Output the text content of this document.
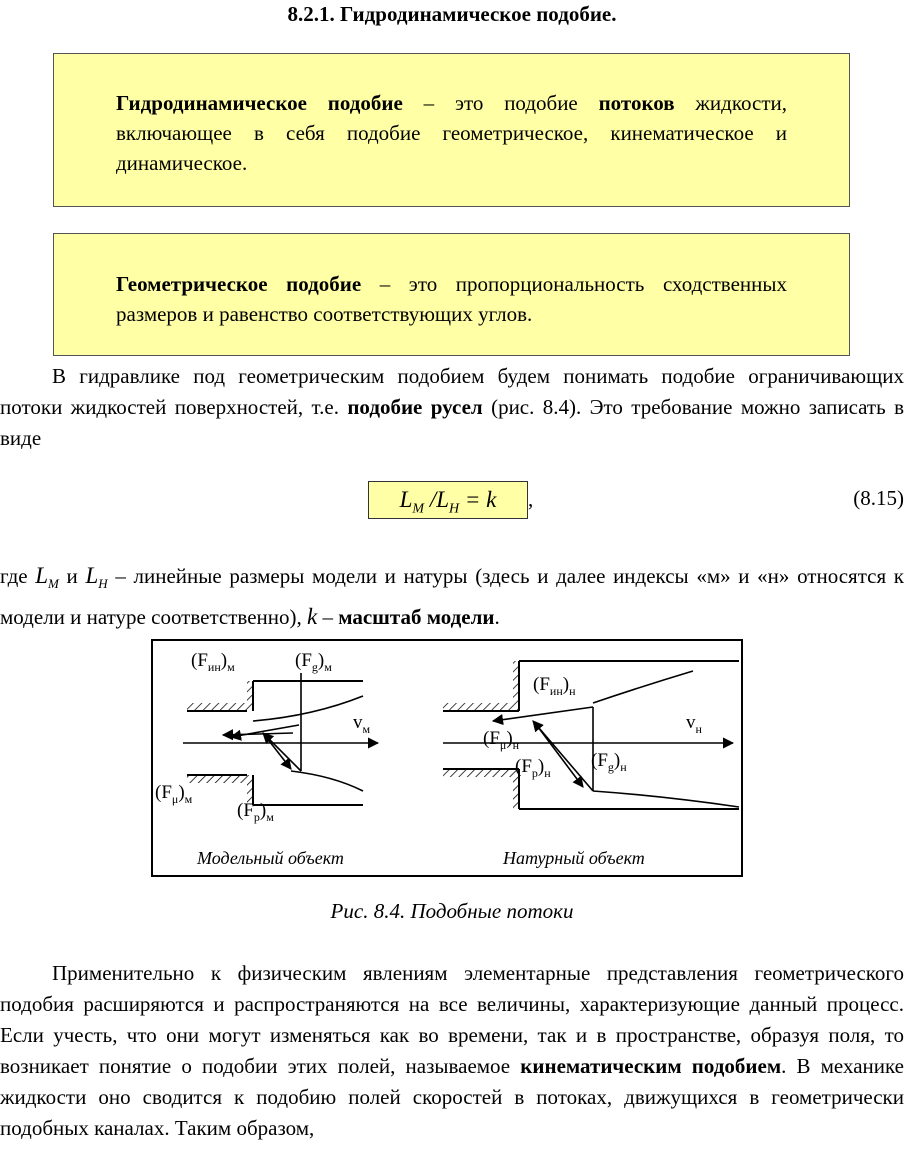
8.2.1. Гидродинамическое подобие.
Гидродинамическое подобие – это подобие потоков жидкости, включающее в себя подобие геометрическое, кинематическое и динамическое.
Геометрическое подобие – это пропорциональность сходственных размеров и равенство соответствующих углов.
В гидравлике под геометрическим подобием будем понимать подобие ограничивающих потоки жидкостей поверхностей, т.е. подобие русел (рис. 8.4). Это требование можно записать в виде
$L_М$ $/L_Н = k$	,	(8.15)
где $L_М$ и $L_Н$ – линейные размеры модели и натуры (здесь и далее индексы «м» и «н» относятся к модели и натуре соответственно), k – масштаб модели.
$(F_{ин})_м$	$(F_g)_м$
$v_м$
$(F_\mu)_м$
$(F_p)_м$
$(F_{ин})_н$
$v_н$
$(F_\mu)_н$
$(F_p)_н$
$(F_g)_н$
Модельный объект	Натурный объект
Рис. 8.4. Подобные потоки
Применительно к физическим явлениям элементарные представления геометрического подобия расширяются и распространяются на все величины, характеризующие данный процесс. Если учесть, что они могут изменяться как во времени, так и в пространстве, образуя поля, то возникает понятие о подобии этих полей, называемое кинематическим подобием. В механике жидкости оно сводится к подобию полей скоростей в потоках, движущихся в геометрически подобных каналах. Таким образом,
